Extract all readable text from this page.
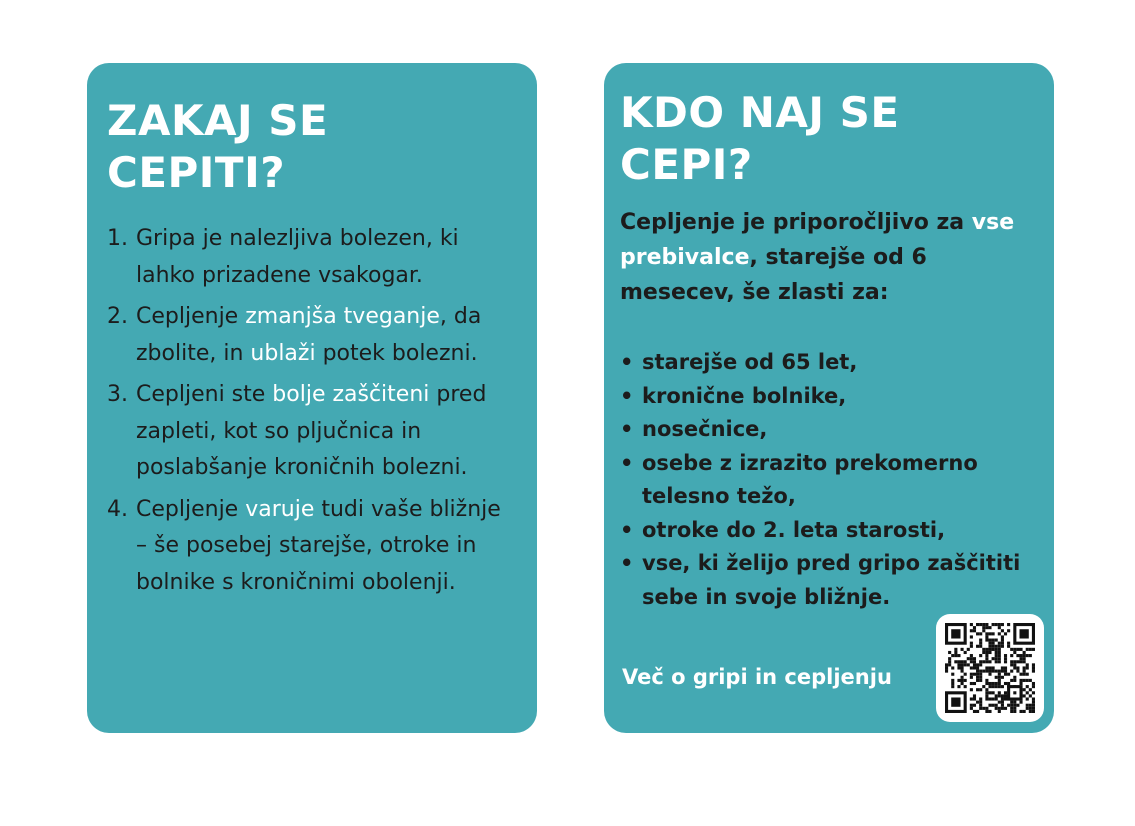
ZAKAJ SE
CEPITI?
1. Gripa je nalezljiva bolezen, ki lahko prizadene vsakogar.
2. Cepljenje zmanjša tveganje, da zbolite, in ublaži potek bolezni.
3. Cepljeni ste bolje zaščiteni pred zapleti, kot so pljučnica in poslabšanje kroničnih bolezni.
4. Cepljenje varuje tudi vaše bližnje – še posebej starejše, otroke in bolnike s kroničnimi obolenji.
KDO NAJ SE
CEPI?

Cepljenje je priporočljivo za vse prebivalce, starejše od 6 mesecev, še zlasti za:

• starejše od 65 let,
• kronične bolnike,
• nosečnice,
• osebe z izrazito prekomerno telesno težo,
• otroke do 2. leta starosti,
• vse, ki želijo pred gripo zaščititi sebe in svoje bližnje.
Več o gripi in cepljenju
